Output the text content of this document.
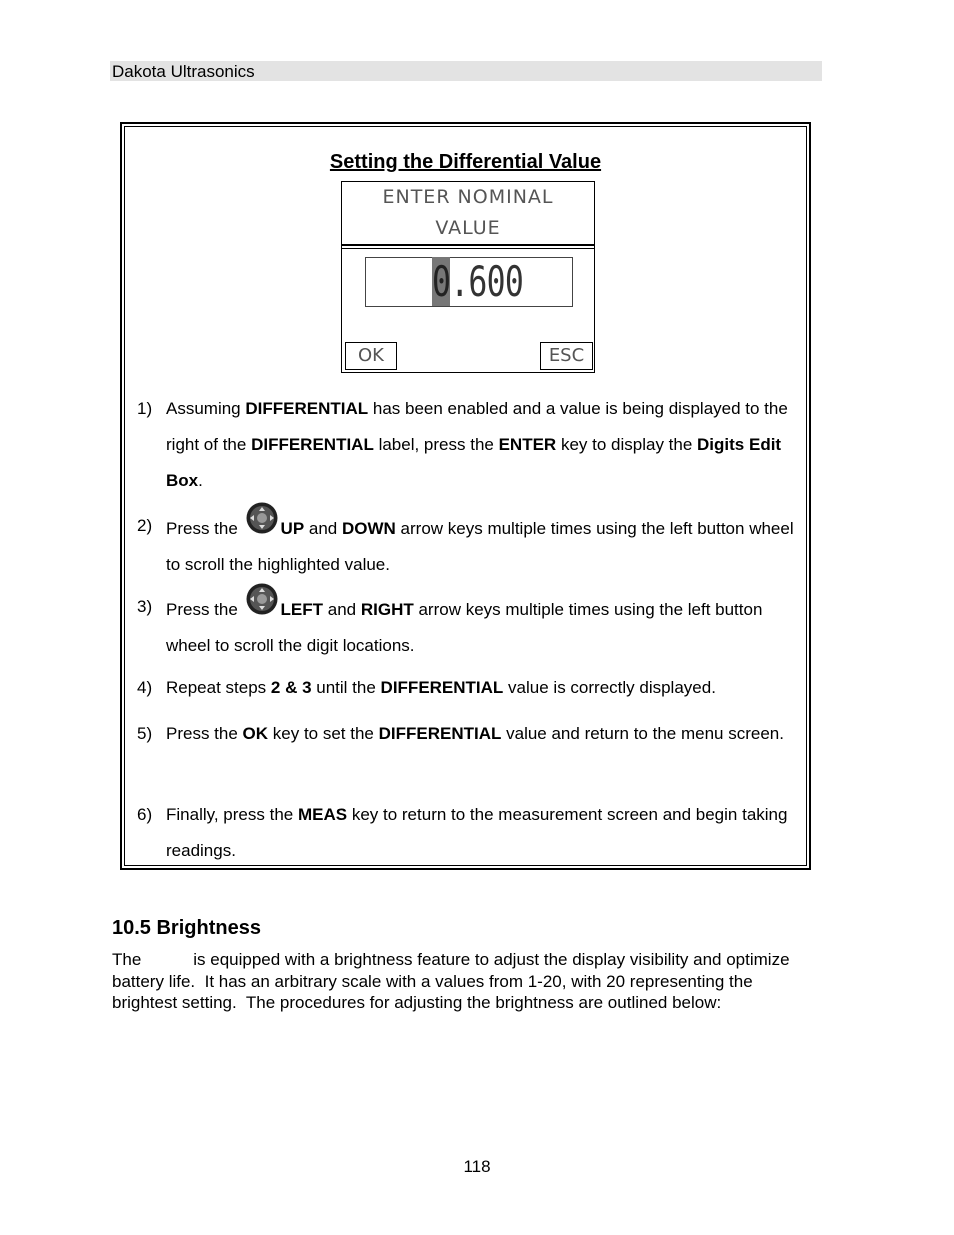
Dakota Ultrasonics
Setting the Differential Value
ENTER NOMINAL
VALUE
0.600
OK	ESC
1) Assuming DIFFERENTIAL has been enabled and a value is being displayed to the right of the DIFFERENTIAL label, press the ENTER key to display the Digits Edit Box.
2) Press the UP and DOWN arrow keys multiple times using the left button wheel to scroll the highlighted value.
3) Press the LEFT and RIGHT arrow keys multiple times using the left button wheel to scroll the digit locations.
4) Repeat steps 2 & 3 until the DIFFERENTIAL value is correctly displayed.
5) Press the OK key to set the DIFFERENTIAL value and return to the menu screen.
6) Finally, press the MEAS key to return to the measurement screen and begin taking readings.
10.5 Brightness
The           is equipped with a brightness feature to adjust the display visibility and optimize battery life.  It has an arbitrary scale with a values from 1-20, with 20 representing the brightest setting.  The procedures for adjusting the brightness are outlined below:
118
